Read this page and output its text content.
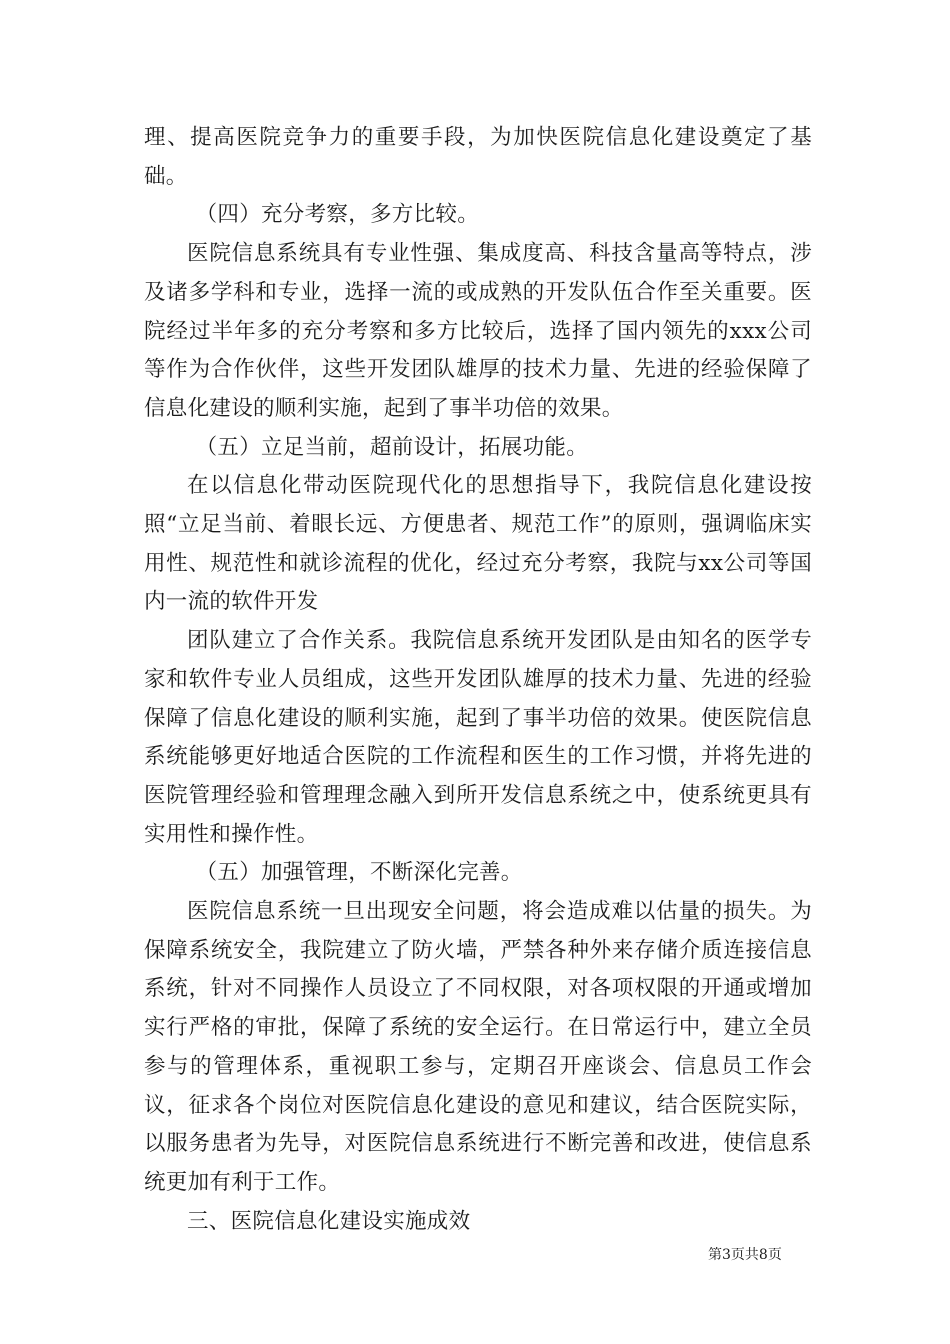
理、提高医院竞争力的重要手段，为加快医院信息化建设奠定了基础。

（四）充分考察，多方比较。

医院信息系统具有专业性强、集成度高、科技含量高等特点，涉及诸多学科和专业，选择一流的或成熟的开发队伍合作至关重要。医院经过半年多的充分考察和多方比较后，选择了国内领先的xxx公司等作为合作伙伴，这些开发团队雄厚的技术力量、先进的经验保障了信息化建设的顺利实施，起到了事半功倍的效果。

（五）立足当前，超前设计，拓展功能。

在以信息化带动医院现代化的思想指导下，我院信息化建设按照“立足当前、着眼长远、方便患者、规范工作”的原则，强调临床实用性、规范性和就诊流程的优化，经过充分考察，我院与xx公司等国内一流的软件开发

团队建立了合作关系。我院信息系统开发团队是由知名的医学专家和软件专业人员组成，这些开发团队雄厚的技术力量、先进的经验保障了信息化建设的顺利实施，起到了事半功倍的效果。使医院信息系统能够更好地适合医院的工作流程和医生的工作习惯，并将先进的医院管理经验和管理理念融入到所开发信息系统之中，使系统更具有实用性和操作性。

（五）加强管理，不断深化完善。

医院信息系统一旦出现安全问题，将会造成难以估量的损失。为保障系统安全，我院建立了防火墙，严禁各种外来存储介质连接信息系统，针对不同操作人员设立了不同权限，对各项权限的开通或增加实行严格的审批，保障了系统的安全运行。在日常运行中，建立全员参与的管理体系，重视职工参与，定期召开座谈会、信息员工作会议，征求各个岗位对医院信息化建设的意见和建议，结合医院实际，以服务患者为先导，对医院信息系统进行不断完善和改进，使信息系统更加有利于工作。

三、医院信息化建设实施成效

第3页共8页
